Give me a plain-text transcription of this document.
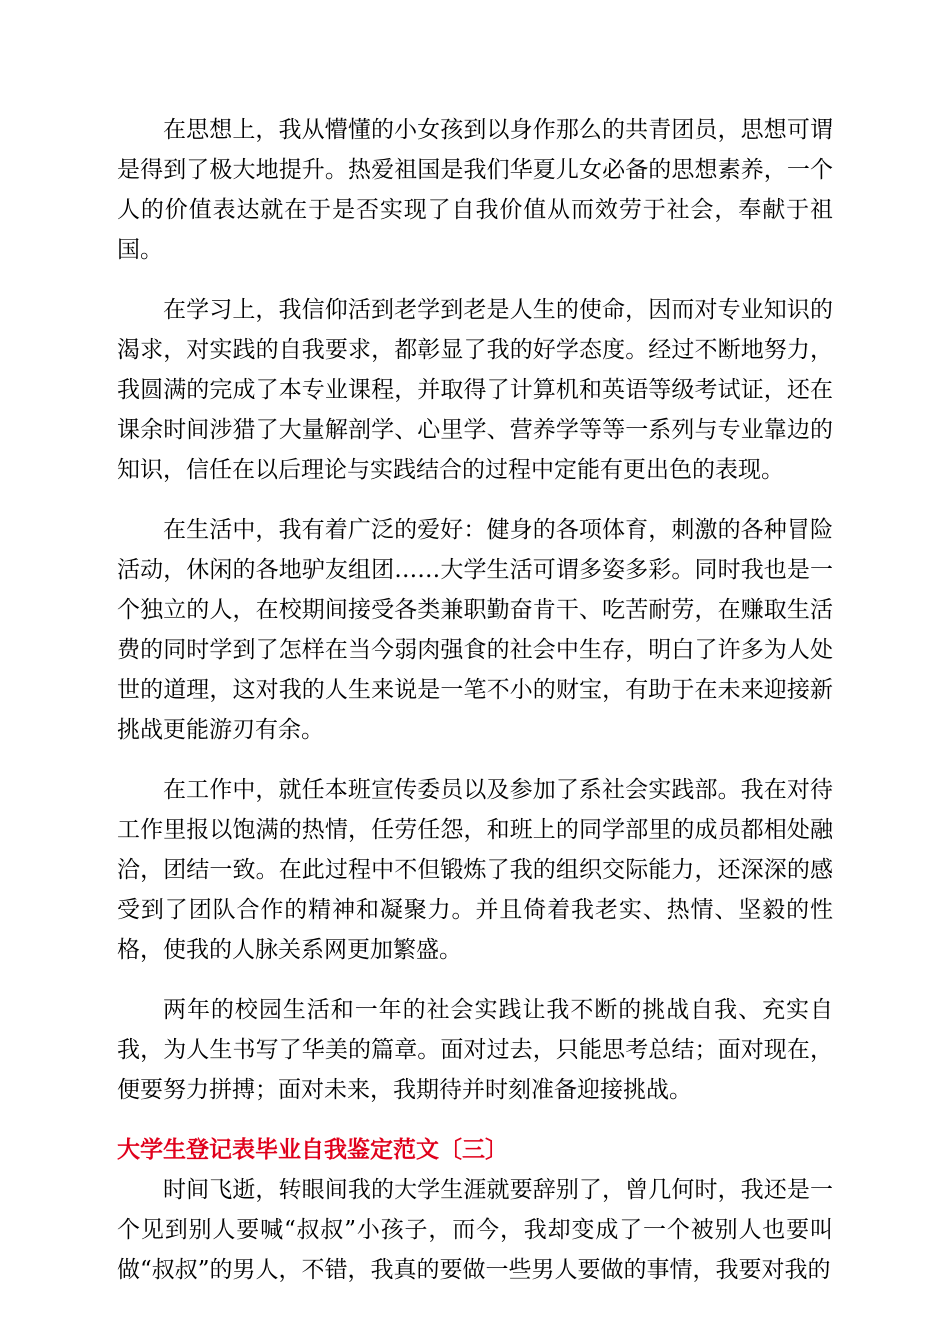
在思想上，我从懵懂的小女孩到以身作那么的共青团员，思想可谓是得到了极大地提升。热爱祖国是我们华夏儿女必备的思想素养，一个人的价值表达就在于是否实现了自我价值从而效劳于社会，奉献于祖国。

在学习上，我信仰活到老学到老是人生的使命，因而对专业知识的渴求，对实践的自我要求，都彰显了我的好学态度。经过不断地努力，我圆满的完成了本专业课程，并取得了计算机和英语等级考试证，还在课余时间涉猎了大量解剖学、心里学、营养学等等一系列与专业靠边的知识，信任在以后理论与实践结合的过程中定能有更出色的表现。

在生活中，我有着广泛的爱好：健身的各项体育，刺激的各种冒险活动，休闲的各地驴友组团……大学生活可谓多姿多彩。同时我也是一个独立的人，在校期间接受各类兼职勤奋肯干、吃苦耐劳，在赚取生活费的同时学到了怎样在当今弱肉强食的社会中生存，明白了许多为人处世的道理，这对我的人生来说是一笔不小的财宝，有助于在未来迎接新挑战更能游刃有余。

在工作中，就任本班宣传委员以及参加了系社会实践部。我在对待工作里报以饱满的热情，任劳任怨，和班上的同学部里的成员都相处融洽，团结一致。在此过程中不但锻炼了我的组织交际能力，还深深的感受到了团队合作的精神和凝聚力。并且倚着我老实、热情、坚毅的性格，使我的人脉关系网更加繁盛。

两年的校园生活和一年的社会实践让我不断的挑战自我、充实自我，为人生书写了华美的篇章。面对过去，只能思考总结；面对现在，便要努力拼搏；面对未来，我期待并时刻准备迎接挑战。

大学生登记表毕业自我鉴定范文〔三〕

时间飞逝，转眼间我的大学生涯就要辞别了，曾几何时，我还是一个见到别人要喊“叔叔”小孩子，而今，我却变成了一个被别人也要叫做“叔叔”的男人，不错，我真的要做一些男人要做的事情，我要对我的
